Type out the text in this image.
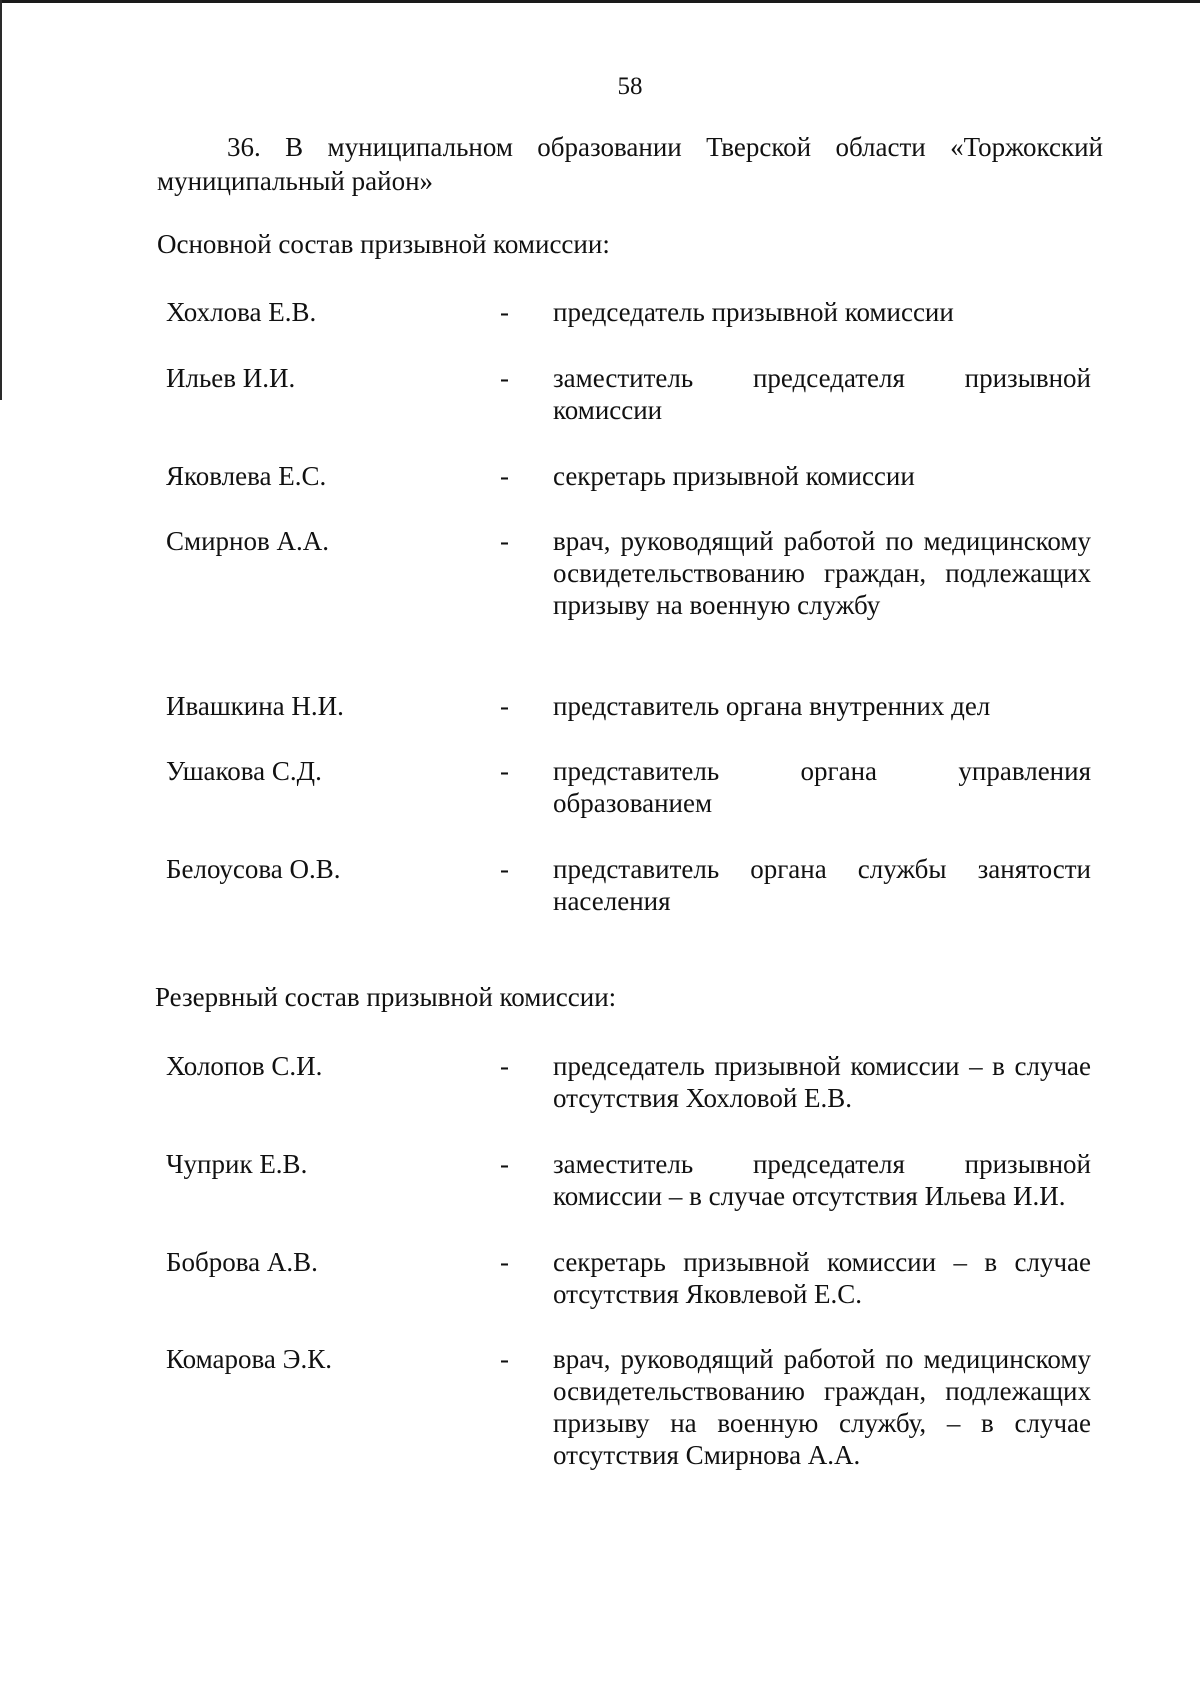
58
36. В муниципальном образовании Тверской области «Торжокский муниципальный район»
Основной состав призывной комиссии:
Хохлова Е.В.	- председатель призывной комиссии
Ильев И.И.	- заместитель председателя призывной комиссии
Яковлева Е.С.	- секретарь призывной комиссии
Смирнов А.А.	- врач, руководящий работой по медицинскому освидетельствованию граждан, подлежащих призыву на военную службу
Ивашкина Н.И.	- представитель органа внутренних дел
Ушакова С.Д.	- представитель органа управления образованием
Белоусова О.В.	- представитель органа службы занятости населения
Резервный состав призывной комиссии:
Холопов С.И.	- председатель призывной комиссии – в случае отсутствия Хохловой Е.В.
Чуприк Е.В.	- заместитель председателя призывной комиссии – в случае отсутствия Ильева И.И.
Боброва А.В.	- секретарь призывной комиссии – в случае отсутствия Яковлевой Е.С.
Комарова Э.К.	- врач, руководящий работой по медицинскому освидетельствованию граждан, подлежащих призыву на военную службу, – в случае отсутствия Смирнова А.А.
